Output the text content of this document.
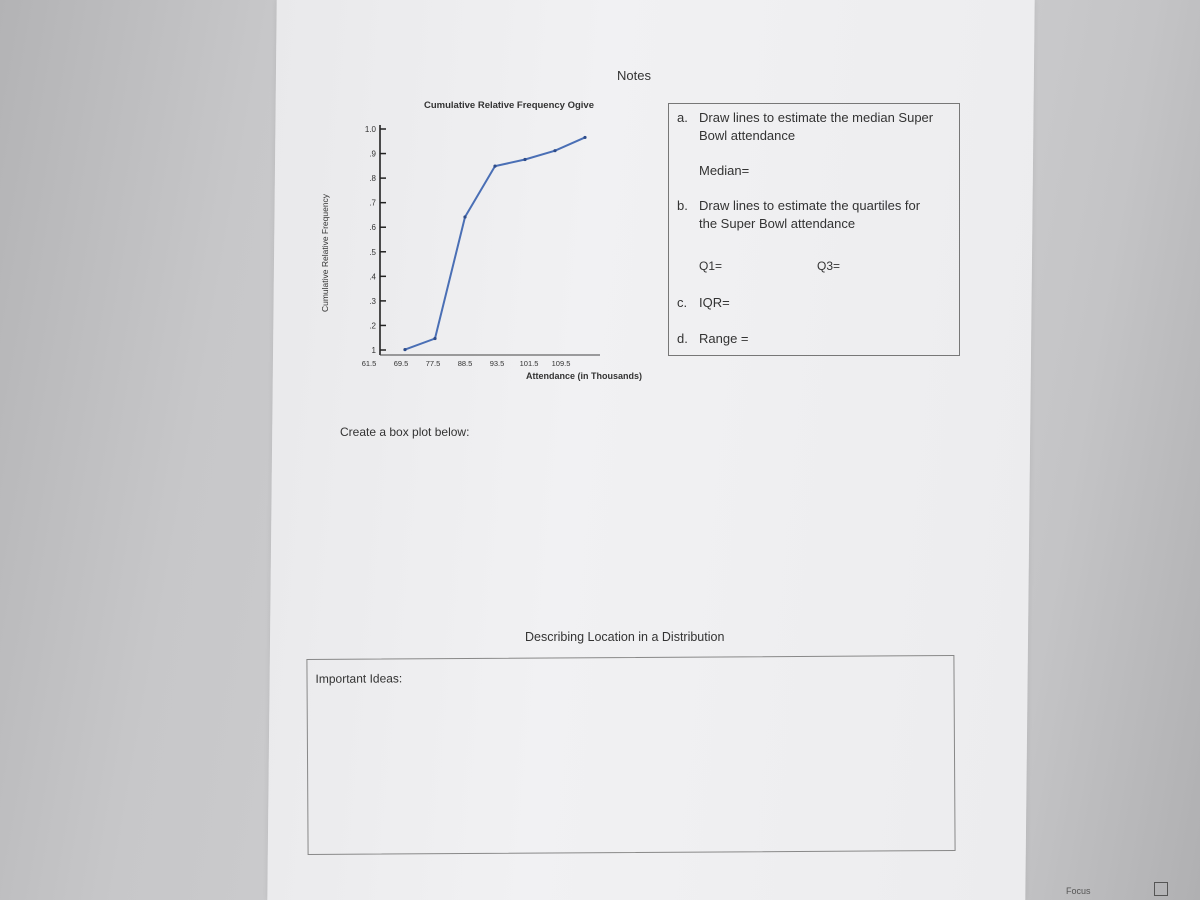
Notes
Cumulative Relative Frequency Ogive
Cumulative Relative Frequency
Attendance (in Thousands)
1
.2
.3
.4
.5
.6
.7
.8
.9
1.0
61.5 69.5 77.5 88.5 93.5 101.5 109.5
a. Draw lines to estimate the median Super
Bowl attendance
Median=
b. Draw lines to estimate the quartiles for
the Super Bowl attendance
Q1=	Q3=
c. IQR=
d. Range =
Create a box plot below:
Describing Location in a Distribution
Important Ideas:
Focus
